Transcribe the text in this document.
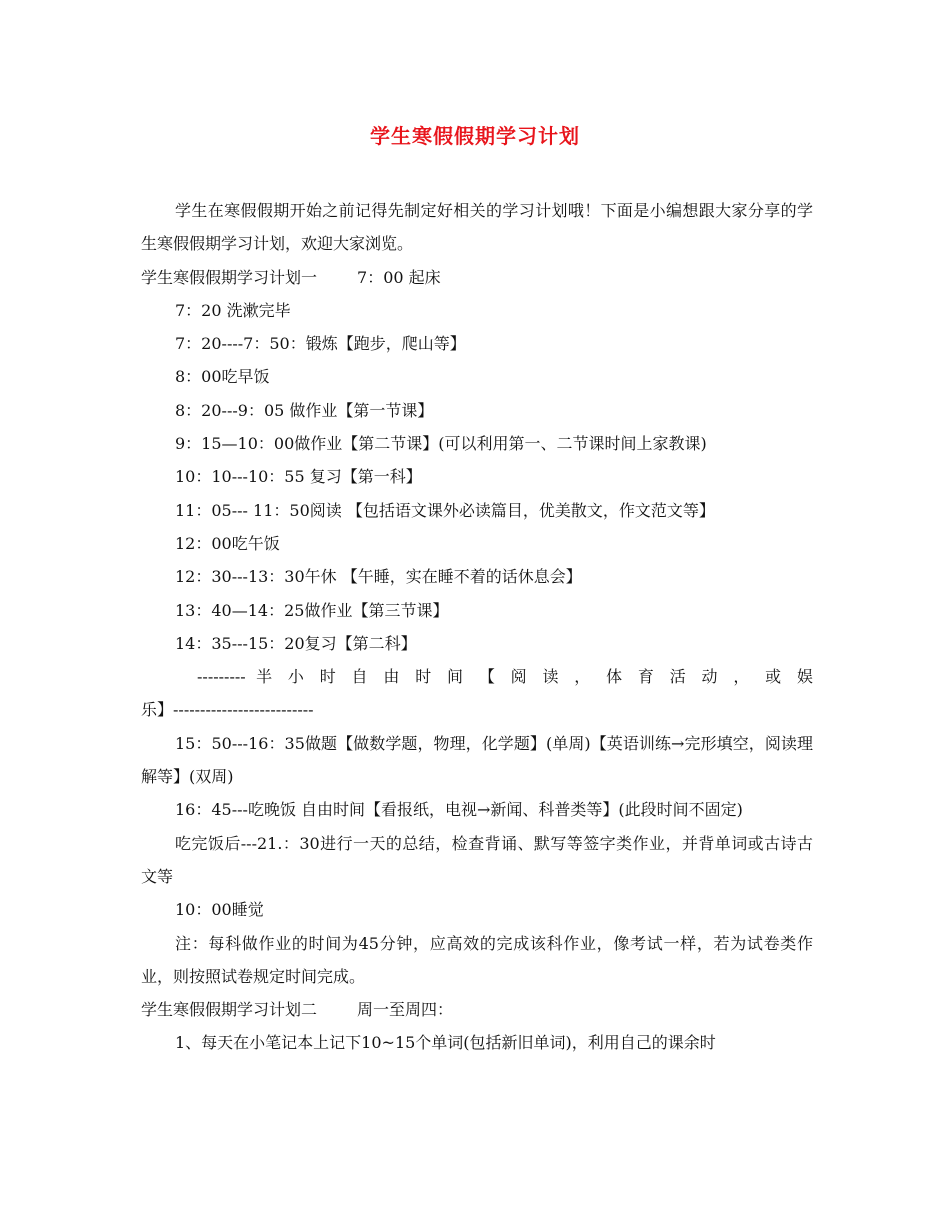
学生寒假假期学习计划

学生在寒假假期开始之前记得先制定好相关的学习计划哦！下面是小编想跟大家分享的学生寒假假期学习计划，欢迎大家浏览。

学生寒假假期学习计划一	7：00 起床

7：20 洗漱完毕

7：20----7：50：锻炼【跑步，爬山等】

8：00吃早饭

8：20---9：05 做作业【第一节课】

9：15—10：00做作业【第二节课】(可以利用第一、二节课时间上家教课)

10：10---10：55 复习【第一科】

11：05--- 11：50阅读 【包括语文课外必读篇目，优美散文，作文范文等】

12：00吃午饭

12：30---13：30午休 【午睡，实在睡不着的话休息会】

13：40—14：25做作业【第三节课】

14：35---15：20复习【第二科】

--------- 半 小 时 自 由 时 间 【 阅 读 ， 体 育 活 动 ， 或 娱

乐】--------------------------

15：50---16：35做题【做数学题，物理，化学题】(单周)【英语训练→完形填空，阅读理解等】(双周)

16：45---吃晚饭 自由时间【看报纸，电视→新闻、科普类等】(此段时间不固定)

吃完饭后---21.：30进行一天的总结，检查背诵、默写等签字类作业，并背单词或古诗古文等

10：00睡觉

注：每科做作业的时间为45分钟，应高效的完成该科作业，像考试一样，若为试卷类作业，则按照试卷规定时间完成。

学生寒假假期学习计划二	周一至周四：

1、每天在小笔记本上记下10~15个单词(包括新旧单词)，利用自己的课余时
